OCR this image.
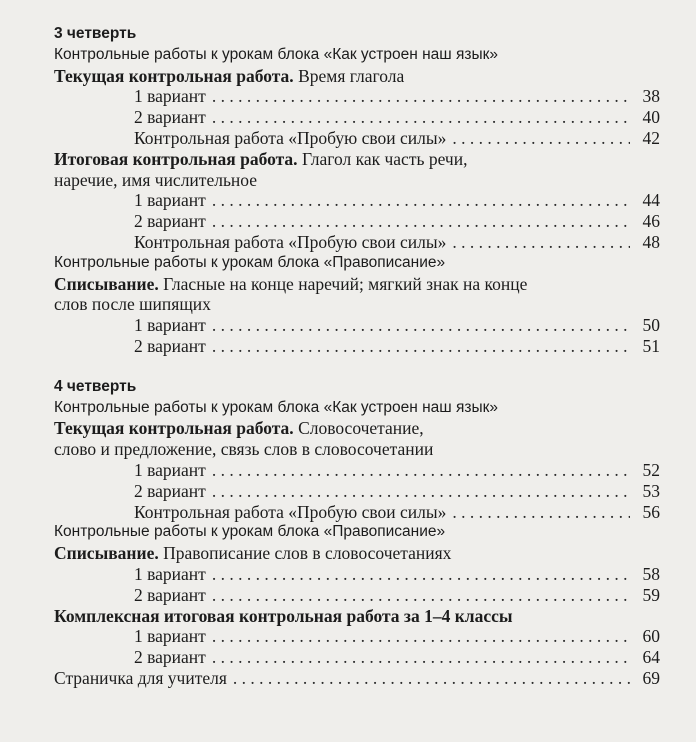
3 четверть
Контрольные работы к урокам блока «Как устроен наш язык»
Текущая контрольная работа. Время глагола
1 вариант . . .	38
2 вариант . . .	40
Контрольная работа «Пробую свои силы» . . .	42
Итоговая контрольная работа. Глагол как часть речи,
наречие, имя числительное
1 вариант . . .	44
2 вариант . . .	46
Контрольная работа «Пробую свои силы» . . .	48
Контрольные работы к урокам блока «Правописание»
Списывание. Гласные на конце наречий; мягкий знак на конце
слов после шипящих
1 вариант . . .	50
2 вариант . . .	51
4 четверть
Контрольные работы к урокам блока «Как устроен наш язык»
Текущая контрольная работа. Словосочетание,
слово и предложение, связь слов в словосочетании
1 вариант . . .	52
2 вариант . . .	53
Контрольная работа «Пробую свои силы» . . .	56
Контрольные работы к урокам блока «Правописание»
Списывание. Правописание слов в словосочетаниях
1 вариант . . .	58
2 вариант . . .	59
Комплексная итоговая контрольная работа за 1–4 классы
1 вариант . . .	60
2 вариант . . .	64
Страничка для учителя . . .	69
